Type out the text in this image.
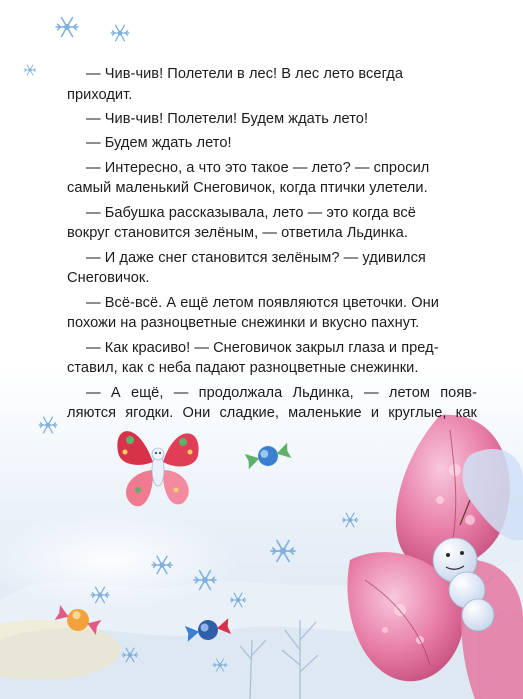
— Чив-чив! Полетели в лес! В лес лето всегда
приходит.

— Чив-чив! Полетели! Будем ждать лето!

— Будем ждать лето!

— Интересно, а что это такое — лето? — спросил
самый маленький Снеговичок, когда птички улетели.

— Бабушка рассказывала, лето — это когда всё
вокруг становится зелёным, — ответила Льдинка.

— И даже снег становится зелёным? — удивился
Снеговичок.

— Всё-всё. А ещё летом появляются цветочки. Они
похожи на разноцветные снежинки и вкусно пахнут.

— Как красиво! — Снеговичок закрыл глаза и пред-
ставил, как с неба падают разноцветные снежинки.

— А ещё, — продолжала Льдинка, — летом появ-
ляются ягодки. Они сладкие, маленькие и круглые, как
